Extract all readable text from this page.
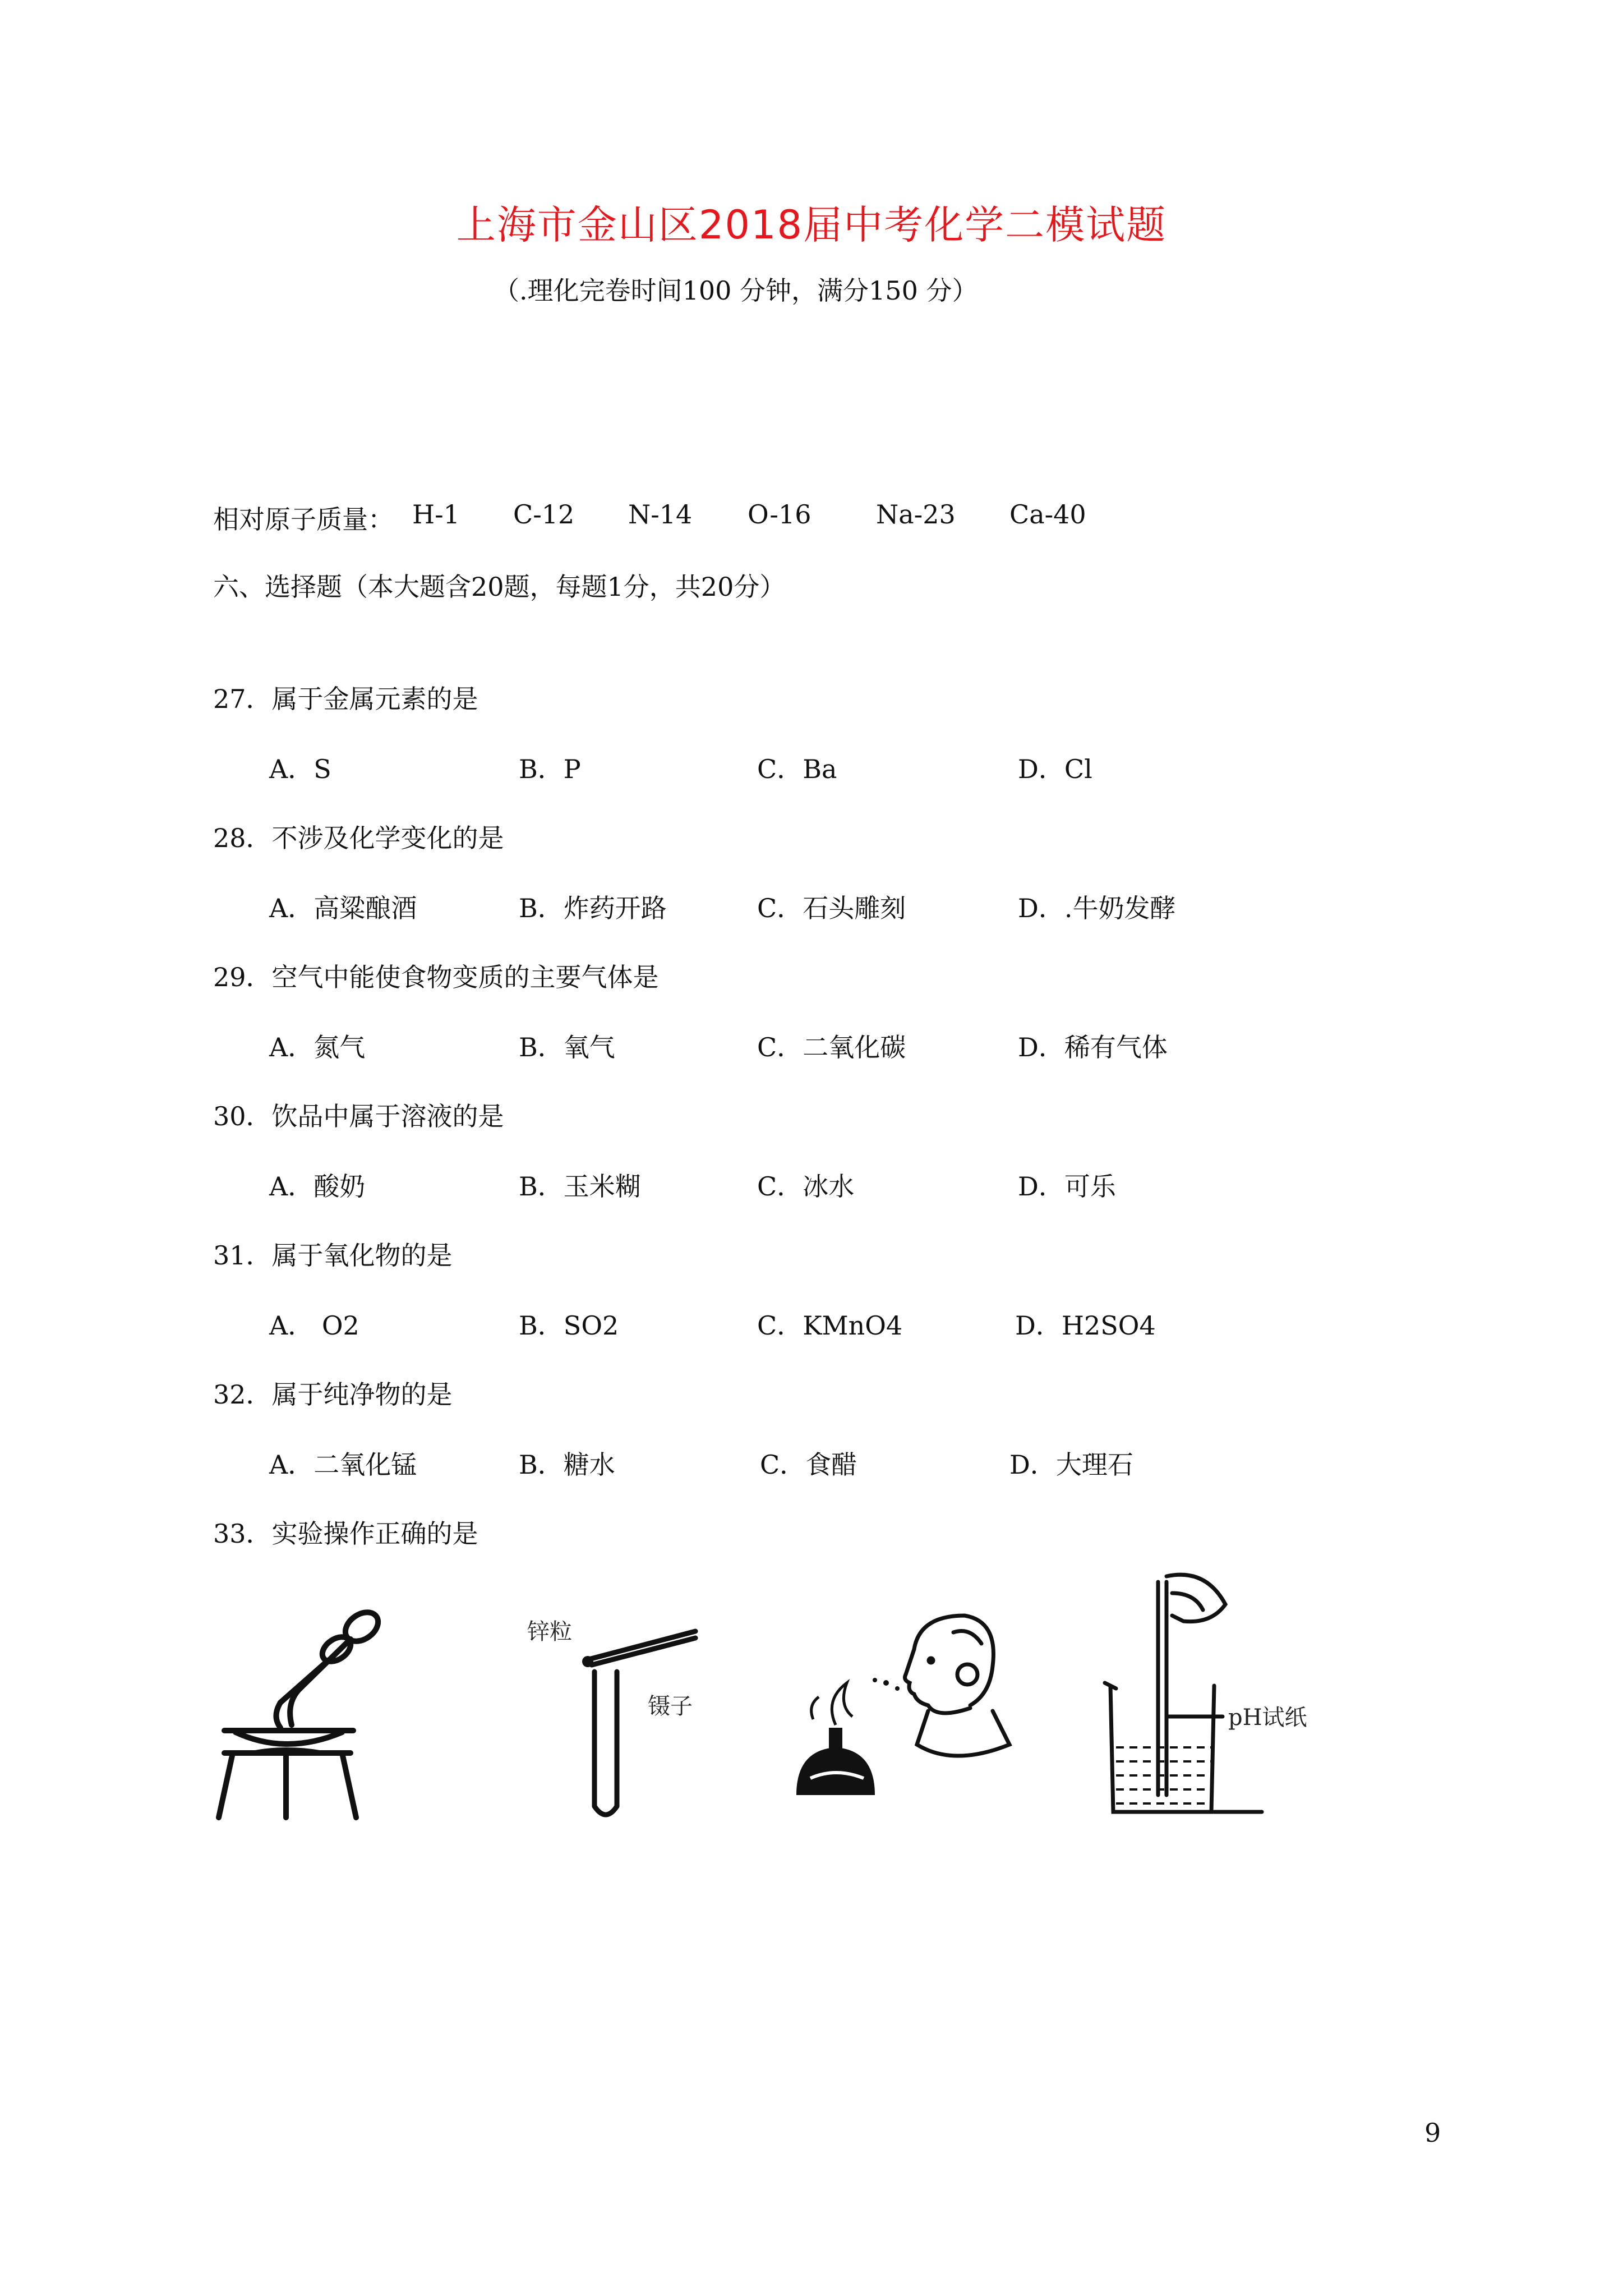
上海市金山区2018届中考化学二模试题
（.理化完卷时间100 分钟，满分150 分）
相对原子质量： H-1 C-12 N-14 O-16	Na-23 Ca-40
六、选择题（本大题含20题，每题1分，共20分）
27．属于金属元素的是
A．S	B．P	C．Ba	D．Cl
28．不涉及化学变化的是
A．高粱酿酒	B．炸药开路	C．石头雕刻	D．.牛奶发酵
29．空气中能使食物变质的主要气体是
A．氮气	B．氧气	C．二氧化碳	D．稀有气体
30．饮品中属于溶液的是
A．酸奶	B．玉米糊	C．冰水	D．可乐
31．属于氧化物的是
A． O2	B．SO2	C．KMnO4	D．H2SO4
32．属于纯净物的是
A．二氧化锰	B．糖水	C．食醋	D．大理石
33．实验操作正确的是
锌粒
镊子	pH试纸
9
